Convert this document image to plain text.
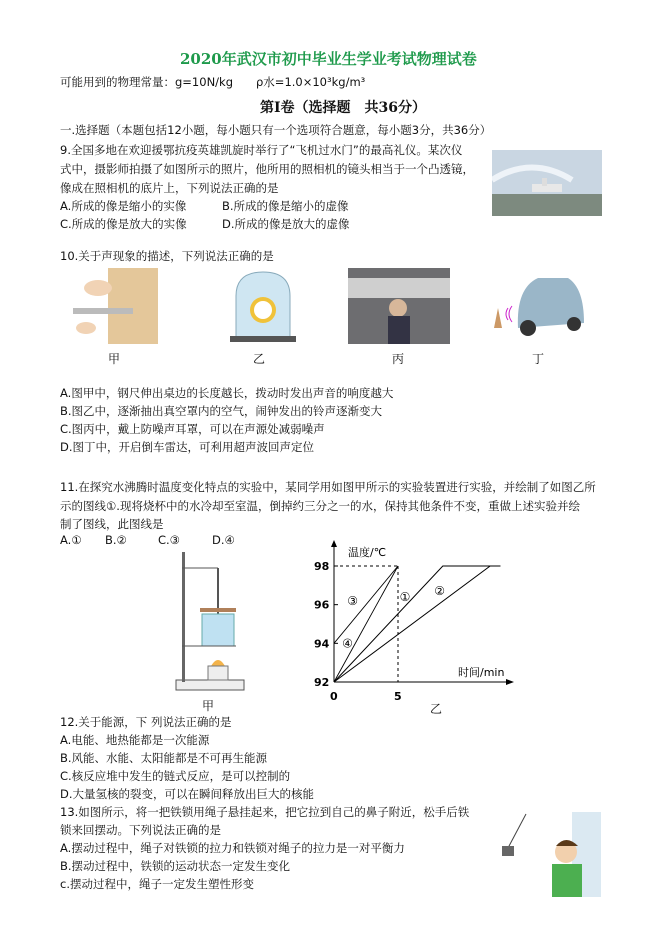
2020年武汉市初中毕业生学业考试物理试卷
可能用到的物理常量：g=10N/kg　　ρ水=1.0×10³kg/m³
第Ⅰ卷（选择题　共36分）
一.选择题（本题包括12小题，每小题只有一个选项符合题意，每小题3分，共36分）
9.全国多地在欢迎援鄂抗疫英雄凯旋时举行了“飞机过水门”的最高礼仪。某次仪
式中，摄影师拍摄了如图所示的照片，他所用的照相机的镜头相当于一个凸透镜，
像成在照相机的底片上，下列说法正确的是
A.所成的像是缩小的实像	B.所成的像是缩小的虚像
C.所成的像是放大的实像	D.所成的像是放大的虚像
10.关于声现象的描述，下列说法正确的是
甲	乙	丙	丁
A.图甲中，钢尺伸出桌边的长度越长，拨动时发出声音的响度越大
B.图乙中，逐渐抽出真空罩内的空气，闹钟发出的铃声逐渐变大
C.图丙中，戴上防噪声耳罩，可以在声源处减弱噪声
D.图丁中，开启倒车雷达，可利用超声波回声定位
11.在探究水沸腾时温度变化特点的实验中，某同学用如图甲所示的实验装置进行实验，并绘制了如图乙所
示的图线①.现将烧杯中的水冷却至室温，倒掉约三分之一的水，保持其他条件不变，重做上述实验并绘
制了图线，此图线是
A.① B.②	C.③	D.④
甲
温度/℃
时间/min
92
94
96
98
0	5
① ②
③
④
乙
12.关于能源，下 列说法正确的是
A.电能、地热能都是一次能源
B.风能、水能、太阳能都是不可再生能源
C.核反应堆中发生的链式反应，是可以控制的
D.大量氢核的裂变，可以在瞬间释放出巨大的核能
13.如图所示，将一把铁锁用绳子悬挂起来，把它拉到自己的鼻子附近，松手后铁
锁来回摆动。下列说法正确的是
A.摆动过程中，绳子对铁锁的拉力和铁锁对绳子的拉力是一对平衡力
B.摆动过程中，铁锁的运动状态一定发生变化
c.摆动过程中，绳子一定发生塑性形变
